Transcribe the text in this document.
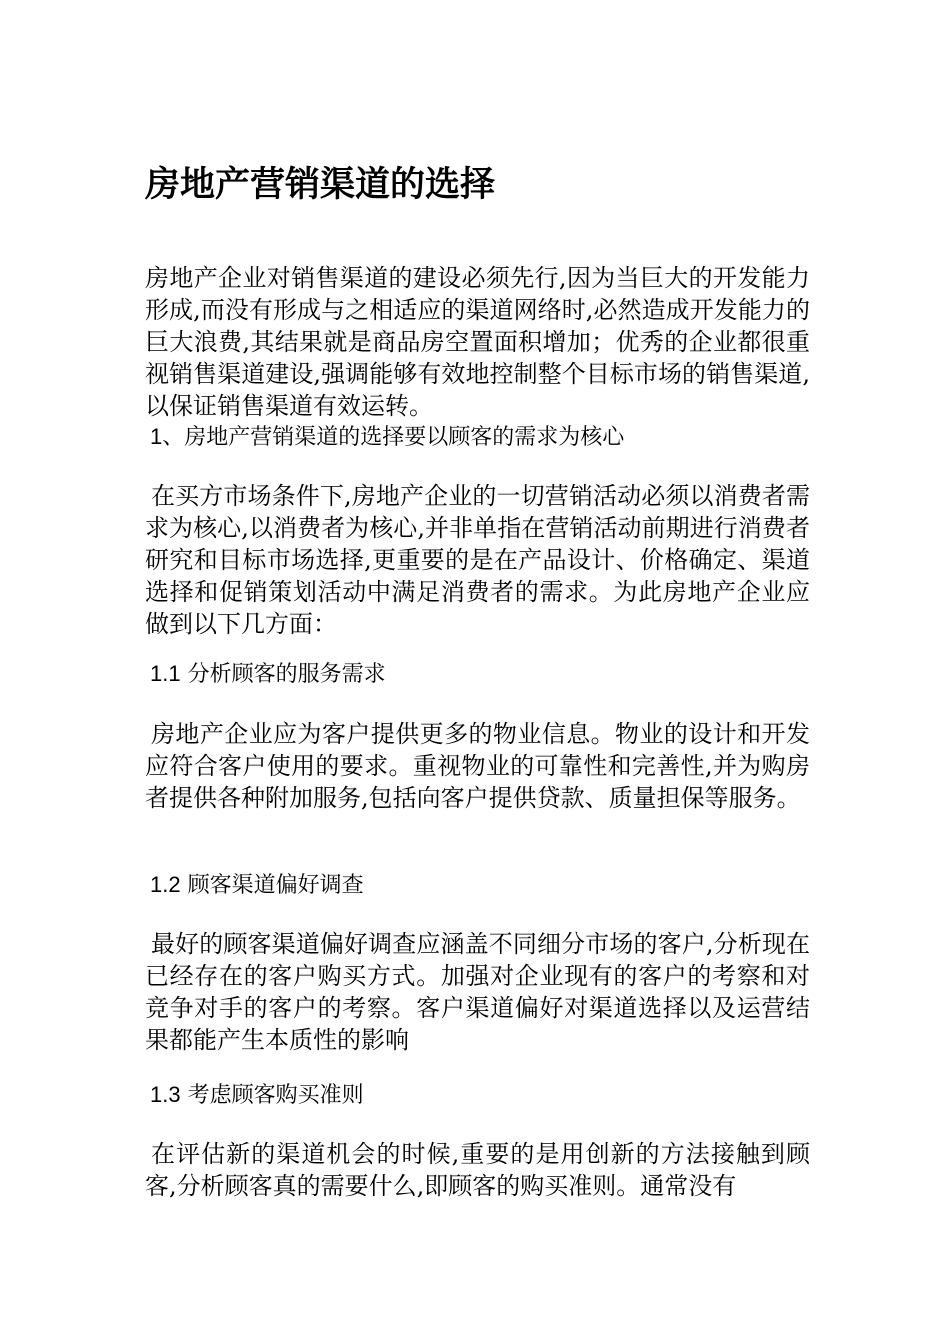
房地产营销渠道的选择

房地产企业对销售渠道的建设必须先行,因为当巨大的开发能力形成,而没有形成与之相适应的渠道网络时,必然造成开发能力的巨大浪费,其结果就是商品房空置面积增加；优秀的企业都很重视销售渠道建设,强调能够有效地控制整个目标市场的销售渠道,以保证销售渠道有效运转。

1、房地产营销渠道的选择要以顾客的需求为核心

在买方市场条件下,房地产企业的一切营销活动必须以消费者需求为核心,以消费者为核心,并非单指在营销活动前期进行消费者研究和目标市场选择,更重要的是在产品设计、价格确定、渠道选择和促销策划活动中满足消费者的需求。为此房地产企业应做到以下几方面：

1.1 分析顾客的服务需求

房地产企业应为客户提供更多的物业信息。物业的设计和开发应符合客户使用的要求。重视物业的可靠性和完善性,并为购房者提供各种附加服务,包括向客户提供贷款、质量担保等服务。

1.2 顾客渠道偏好调查

最好的顾客渠道偏好调查应涵盖不同细分市场的客户,分析现在已经存在的客户购买方式。加强对企业现有的客户的考察和对竞争对手的客户的考察。客户渠道偏好对渠道选择以及运营结果都能产生本质性的影响

1.3 考虑顾客购买准则

在评估新的渠道机会的时候,重要的是用创新的方法接触到顾客,分析顾客真的需要什么,即顾客的购买准则。通常没有
